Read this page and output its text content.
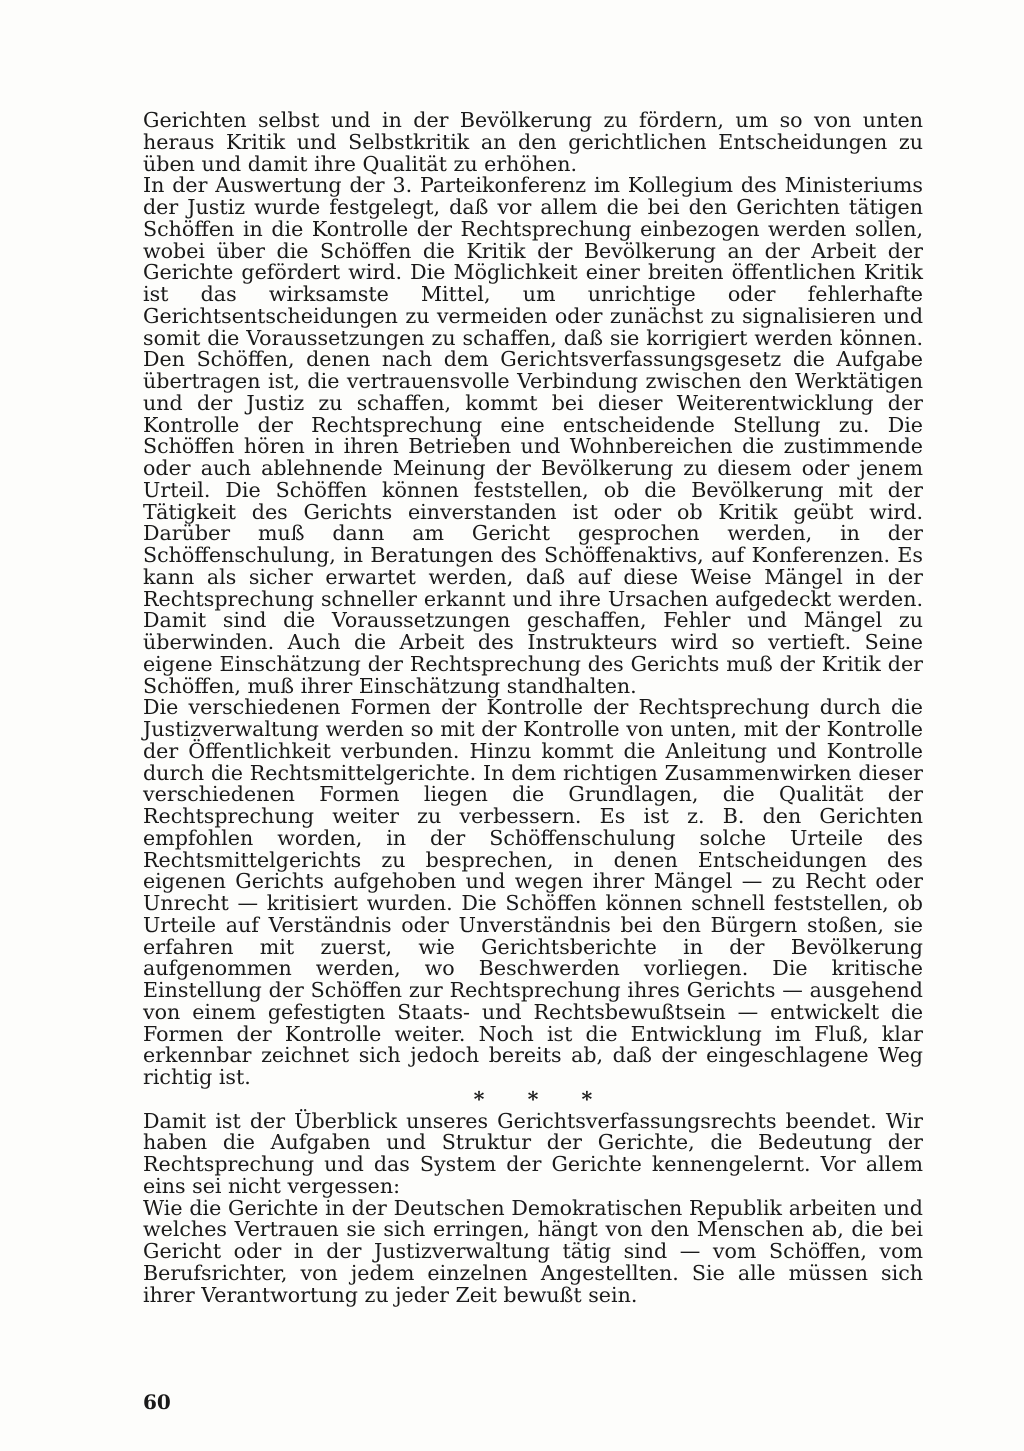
Gerichten selbst und in der Bevölkerung zu fördern, um so von unten heraus Kritik und Selbstkritik an den gerichtlichen Entscheidungen zu üben und damit ihre Qualität zu erhöhen.

In der Auswertung der 3. Parteikonferenz im Kollegium des Ministeriums der Justiz wurde festgelegt, daß vor allem die bei den Gerichten tätigen Schöffen in die Kontrolle der Rechtsprechung einbezogen werden sollen, wobei über die Schöffen die Kritik der Bevölkerung an der Arbeit der Gerichte gefördert wird. Die Möglichkeit einer breiten öffentlichen Kritik ist das wirksamste Mittel, um unrichtige oder fehlerhafte Gerichtsentscheidungen zu vermeiden oder zunächst zu signalisieren und somit die Voraussetzungen zu schaffen, daß sie korrigiert werden können. Den Schöffen, denen nach dem Gerichtsverfassungsgesetz die Aufgabe übertragen ist, die vertrauensvolle Verbindung zwischen den Werktätigen und der Justiz zu schaffen, kommt bei dieser Weiterentwicklung der Kontrolle der Rechtsprechung eine entscheidende Stellung zu. Die Schöffen hören in ihren Betrieben und Wohnbereichen die zustimmende oder auch ablehnende Meinung der Bevölkerung zu diesem oder jenem Urteil. Die Schöffen können feststellen, ob die Bevölkerung mit der Tätigkeit des Gerichts einverstanden ist oder ob Kritik geübt wird. Darüber muß dann am Gericht gesprochen werden, in der Schöffenschulung, in Beratungen des Schöffenaktivs, auf Konferenzen. Es kann als sicher erwartet werden, daß auf diese Weise Mängel in der Rechtsprechung schneller erkannt und ihre Ursachen aufgedeckt werden. Damit sind die Voraussetzungen geschaffen, Fehler und Mängel zu überwinden. Auch die Arbeit des Instrukteurs wird so vertieft. Seine eigene Einschätzung der Rechtsprechung des Gerichts muß der Kritik der Schöffen, muß ihrer Einschätzung standhalten.

Die verschiedenen Formen der Kontrolle der Rechtsprechung durch die Justizverwaltung werden so mit der Kontrolle von unten, mit der Kontrolle der Öffentlichkeit verbunden. Hinzu kommt die Anleitung und Kontrolle durch die Rechtsmittelgerichte. In dem richtigen Zusammenwirken dieser verschiedenen Formen liegen die Grundlagen, die Qualität der Rechtsprechung weiter zu verbessern. Es ist z. B. den Gerichten empfohlen worden, in der Schöffenschulung solche Urteile des Rechtsmittelgerichts zu besprechen, in denen Entscheidungen des eigenen Gerichts aufgehoben und wegen ihrer Mängel — zu Recht oder Unrecht — kritisiert wurden. Die Schöffen können schnell feststellen, ob Urteile auf Verständnis oder Unverständnis bei den Bürgern stoßen, sie erfahren mit zuerst, wie Gerichtsberichte in der Bevölkerung aufgenommen werden, wo Beschwerden vorliegen. Die kritische Einstellung der Schöffen zur Rechtsprechung ihres Gerichts — ausgehend von einem gefestigten Staats- und Rechtsbewußtsein — entwickelt die Formen der Kontrolle weiter. Noch ist die Entwicklung im Fluß, klar erkennbar zeichnet sich jedoch bereits ab, daß der eingeschlagene Weg richtig ist.

* * *

Damit ist der Überblick unseres Gerichtsverfassungsrechts beendet. Wir haben die Aufgaben und Struktur der Gerichte, die Bedeutung der Rechtsprechung und das System der Gerichte kennengelernt. Vor allem eins sei nicht vergessen:

Wie die Gerichte in der Deutschen Demokratischen Republik arbeiten und welches Vertrauen sie sich erringen, hängt von den Menschen ab, die bei Gericht oder in der Justizverwaltung tätig sind — vom Schöffen, vom Berufsrichter, von jedem einzelnen Angestellten. Sie alle müssen sich ihrer Verantwortung zu jeder Zeit bewußt sein.

60
